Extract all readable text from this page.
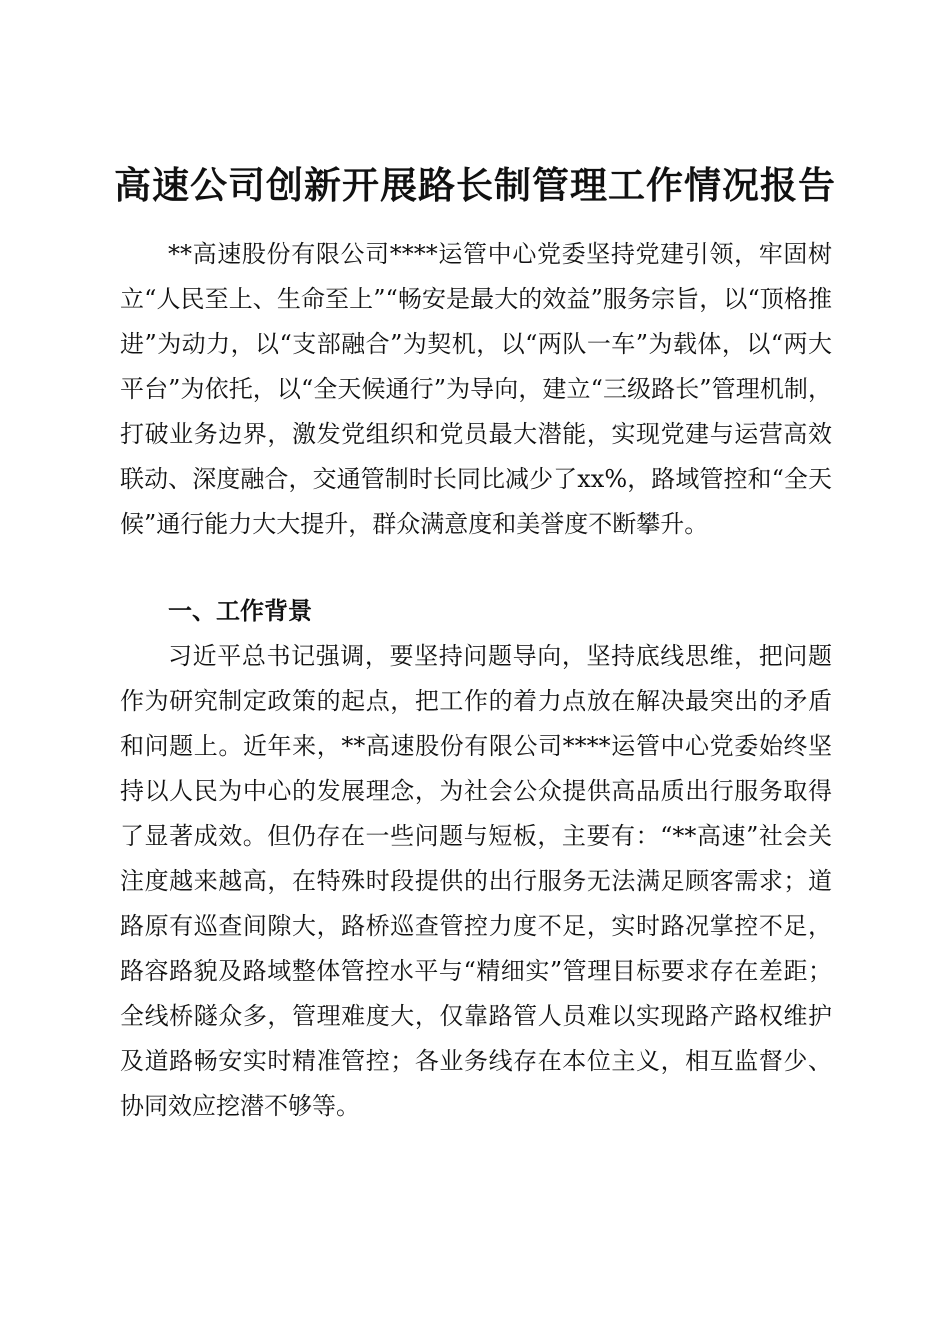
高速公司创新开展路长制管理工作情况报告

**高速股份有限公司****运管中心党委坚持党建引领，牢固树立“人民至上、生命至上”“畅安是最大的效益”服务宗旨，以“顶格推进”为动力，以“支部融合”为契机，以“两队一车”为载体，以“两大平台”为依托，以“全天候通行”为导向，建立“三级路长”管理机制，打破业务边界，激发党组织和党员最大潜能，实现党建与运营高效联动、深度融合，交通管制时长同比减少了xx%，路域管控和“全天候”通行能力大大提升，群众满意度和美誉度不断攀升。

一、工作背景

习近平总书记强调，要坚持问题导向，坚持底线思维，把问题作为研究制定政策的起点，把工作的着力点放在解决最突出的矛盾和问题上。近年来，**高速股份有限公司****运管中心党委始终坚持以人民为中心的发展理念，为社会公众提供高品质出行服务取得了显著成效。但仍存在一些问题与短板，主要有：“**高速”社会关注度越来越高，在特殊时段提供的出行服务无法满足顾客需求；道路原有巡查间隙大，路桥巡查管控力度不足，实时路况掌控不足，路容路貌及路域整体管控水平与“精细实”管理目标要求存在差距；全线桥隧众多，管理难度大，仅靠路管人员难以实现路产路权维护及道路畅安实时精准管控；各业务线存在本位主义，相互监督少、协同效应挖潜不够等。
